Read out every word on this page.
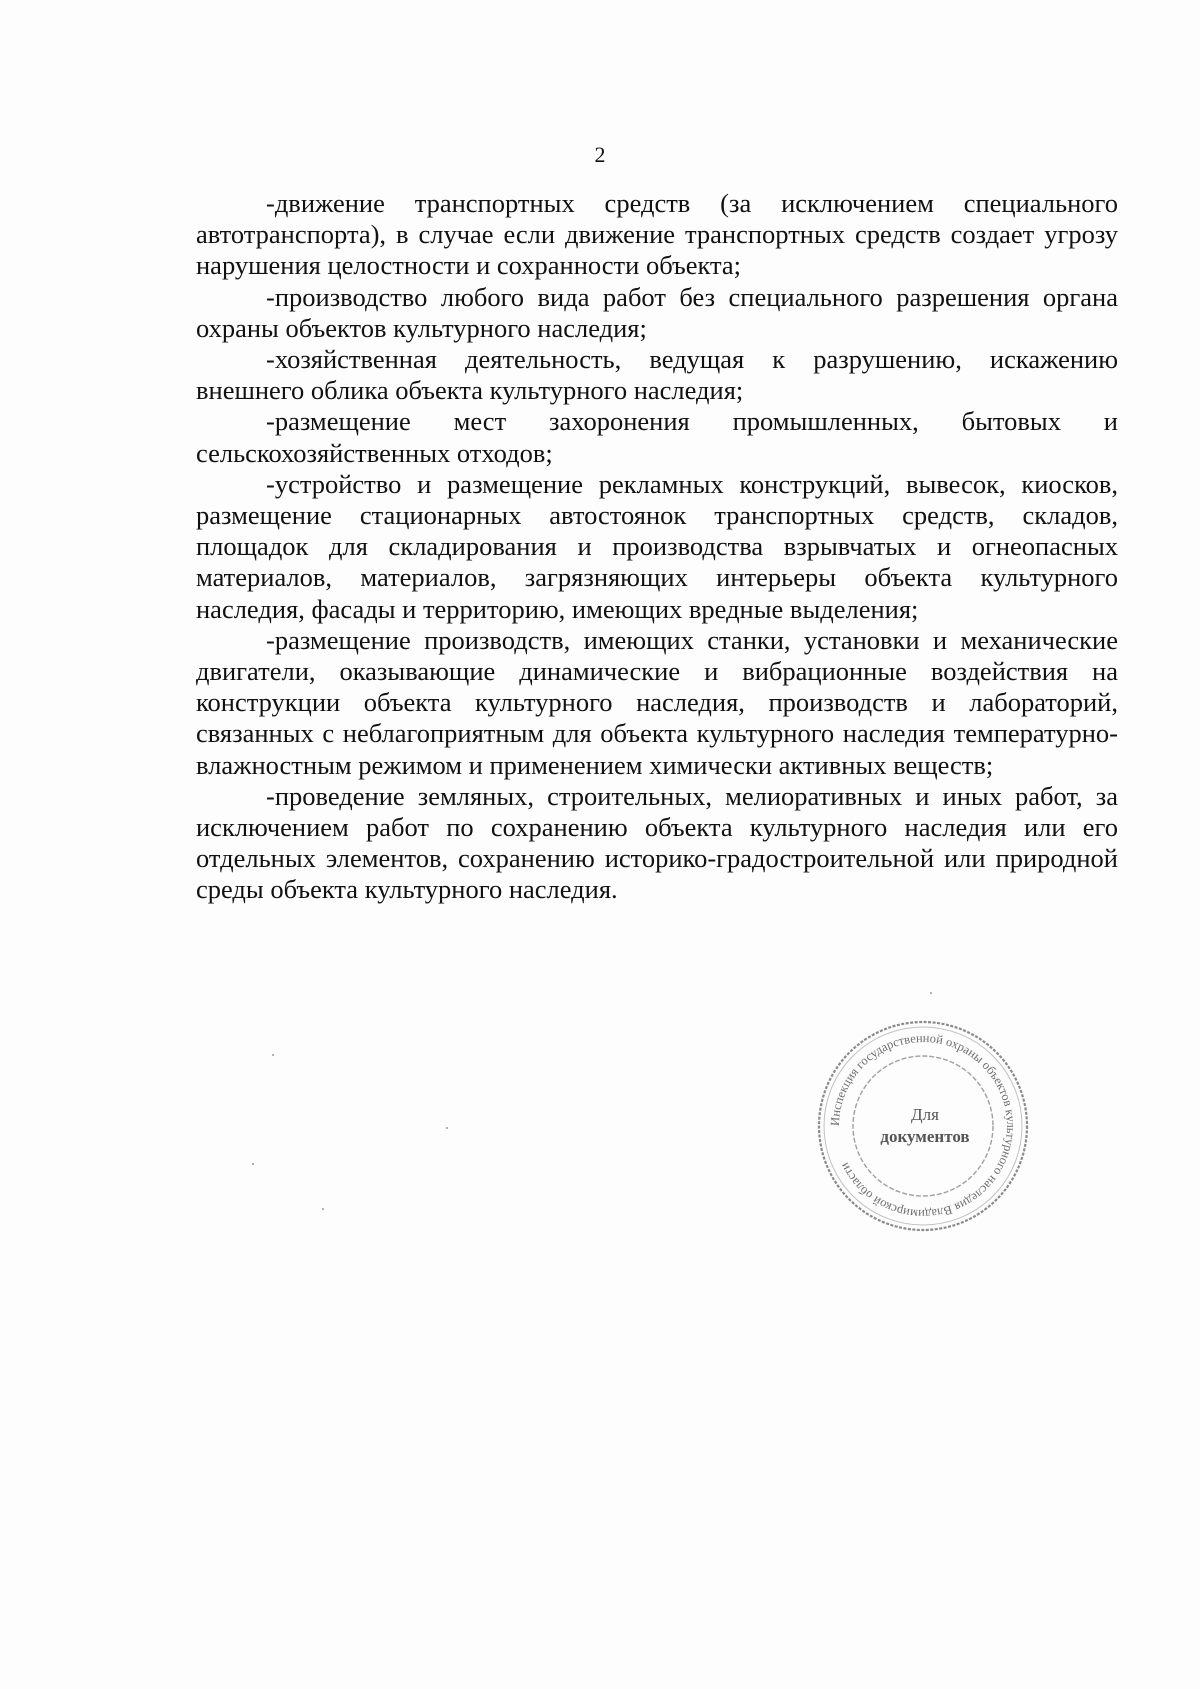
2

-движение транспортных средств (за исключением специального автотранспорта), в случае если движение транспортных средств создает угрозу нарушения целостности и сохранности объекта;

-производство любого вида работ без специального разрешения органа охраны объектов культурного наследия;

-хозяйственная деятельность, ведущая к разрушению, искажению внешнего облика объекта культурного наследия;

-размещение мест захоронения промышленных, бытовых и сельскохозяйственных отходов;

-устройство и размещение рекламных конструкций, вывесок, киосков, размещение стационарных автостоянок транспортных средств, складов, площадок для складирования и производства взрывчатых и огнеопасных материалов, материалов, загрязняющих интерьеры объекта культурного наследия, фасады и территорию, имеющих вредные выделения;

-размещение производств, имеющих станки, установки и механические двигатели, оказывающие динамические и вибрационные воздействия на конструкции объекта культурного наследия, производств и лабораторий, связанных с неблагоприятным для объекта культурного наследия температурно-влажностным режимом и применением химически активных веществ;

-проведение земляных, строительных, мелиоративных и иных работ, за исключением работ по сохранению объекта культурного наследия или его отдельных элементов, сохранению историко-градостроительной или природной среды объекта культурного наследия.

Инспекция государственной охраны объектов культурного наследия Владимирской области
Для
документов
